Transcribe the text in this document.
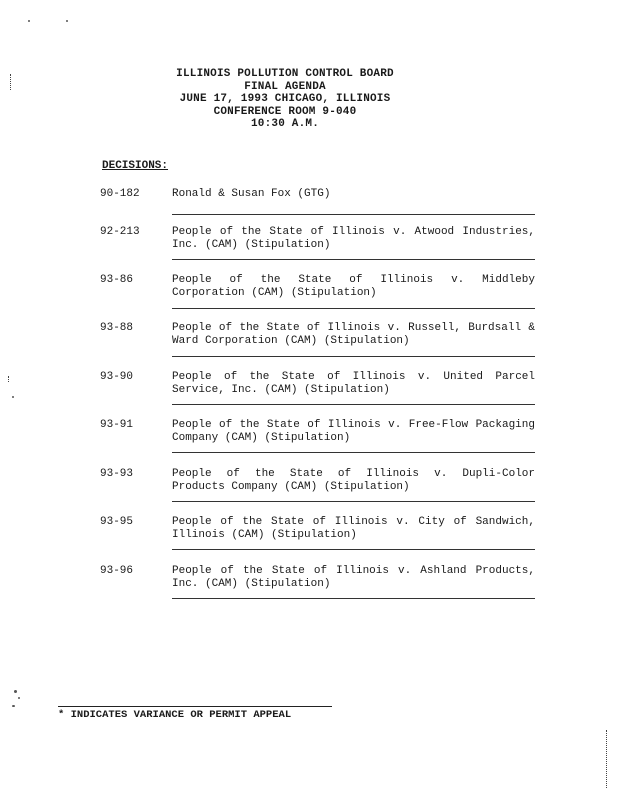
ILLINOIS POLLUTION CONTROL BOARD
FINAL AGENDA
JUNE 17, 1993 CHICAGO, ILLINOIS
CONFERENCE ROOM 9-040
10:30 A.M.
DECISIONS:
90-182	Ronald & Susan Fox (GTG)
92-213	People of the State of Illinois v. Atwood Industries, Inc. (CAM) (Stipulation)
93-86	People of the State of Illinois v. Middleby Corporation (CAM) (Stipulation)
93-88	People of the State of Illinois v. Russell, Burdsall & Ward Corporation (CAM) (Stipulation)
93-90	People of the State of Illinois v. United Parcel Service, Inc. (CAM) (Stipulation)
93-91	People of the State of Illinois v. Free-Flow Packaging Company (CAM) (Stipulation)
93-93	People of the State of Illinois v. Dupli-Color Products Company (CAM) (Stipulation)
93-95	People of the State of Illinois v. City of Sandwich, Illinois (CAM) (Stipulation)
93-96	People of the State of Illinois v. Ashland Products, Inc. (CAM) (Stipulation)
* INDICATES VARIANCE OR PERMIT APPEAL
